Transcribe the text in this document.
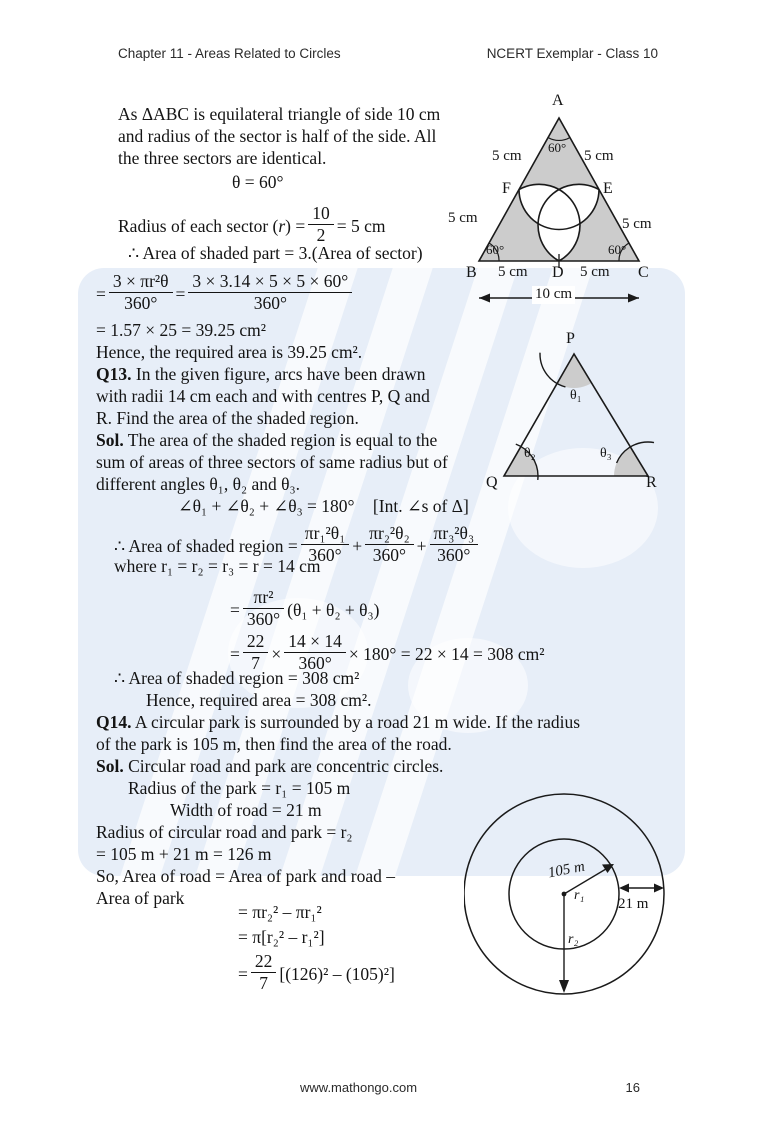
Chapter 11 - Areas Related to Circles	NCERT Exemplar - Class 10
As ΔABC is equilateral triangle of side 10 cm
and radius of the sector is half of the side. All
the three sectors are identical.
θ = 60°
Radius of each sector $(r) = \frac{10}{2} = 5$ cm
∴ Area of shaded part = 3.(Area of sector)
= $\frac{\text{3 × πr²θ}}{360^\circ} = \frac{3 \times 3.14 \times 5 \times 5 \times 60^\circ}{360^\circ}$
= 1.57 × 25 = 39.25 cm²
Hence, the required area is 39.25 cm².
Q13. In the given figure, arcs have been drawn
with radii 14 cm each and with centres P, Q and
R. Find the area of the shaded region.
Sol. The area of the shaded region is equal to the
sum of areas of three sectors of same radius but of
different angles θ₁, θ₂ and θ₃.
∠θ₁ + ∠θ₂ + ∠θ₃ = 180° [Int. ∠s of Δ]
∴ Area of shaded region = $\frac{\text{πr₁²θ₁}}{360^\circ} + \frac{\text{πr₂²θ₂}}{360^\circ} + \frac{\text{πr₃²θ₃}}{360^\circ}$
where r₁ = r₂ = r₃ = r = 14 cm
= $\frac{\text{πr²}}{360^\circ} (\theta_1 + \theta_2 + \theta_3)$
= $\frac{22}{7} \times \frac{14 \times 14}{360^\circ} \times 180^\circ = 22 \times 14 = 308$ cm²
∴ Area of shaded region = 308 cm²
Hence, required area = 308 cm².
Q14. A circular park is surrounded by a road 21 m wide. If the radius
of the park is 105 m, then find the area of the road.
Sol. Circular road and park are concentric circles.
Radius of the park = r₁ = 105 m
Width of road = 21 m
Radius of circular road and park = r₂
= 105 m + 21 m = 126 m
So, Area of road = Area of park and road –
Area of park
= πr₂² – πr₁²
= π[r₂² – r₁²]
= $\frac{22}{7} [(126)^2 - (105)^2]$
A
B	C
F	E
D
5 cm	5 cm
5 cm	5 cm
5 cm	5 cm
60°
60°	60°
10 cm
P
Q	R
θ₁
θ₂	θ₃
105 m
r₁
r₂
21 m
www.mathongo.com	16
